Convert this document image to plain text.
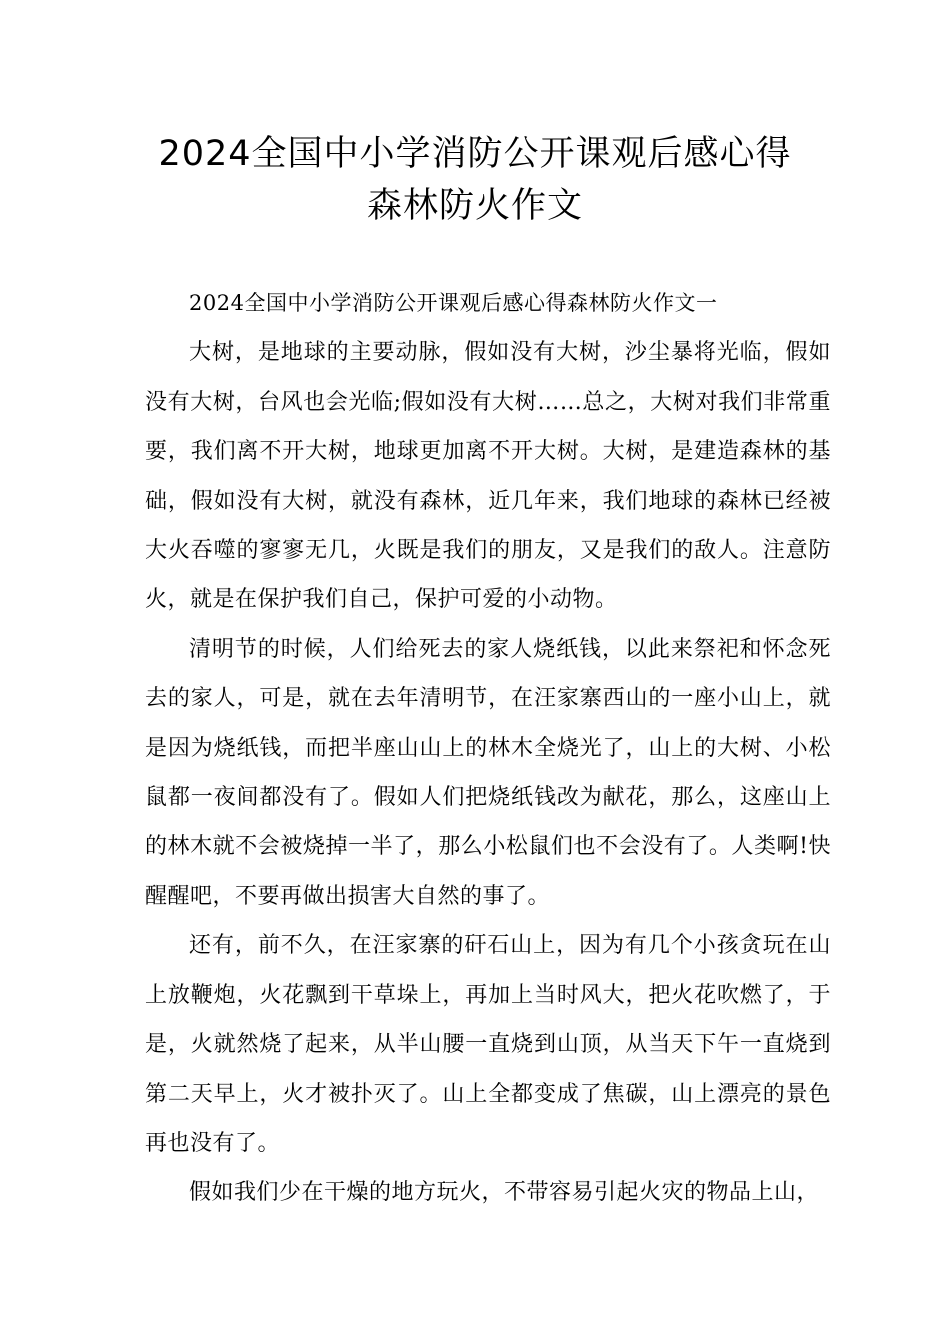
2024全国中小学消防公开课观后感心得
森林防火作文

2024全国中小学消防公开课观后感心得森林防火作文一

大树，是地球的主要动脉，假如没有大树，沙尘暴将光临，假如没有大树，台风也会光临;假如没有大树……总之，大树对我们非常重要，我们离不开大树，地球更加离不开大树。大树，是建造森林的基础，假如没有大树，就没有森林，近几年来，我们地球的森林已经被大火吞噬的寥寥无几，火既是我们的朋友，又是我们的敌人。注意防火，就是在保护我们自己，保护可爱的小动物。

清明节的时候，人们给死去的家人烧纸钱，以此来祭祀和怀念死去的家人，可是，就在去年清明节，在汪家寨西山的一座小山上，就是因为烧纸钱，而把半座山山上的林木全烧光了，山上的大树、小松鼠都一夜间都没有了。假如人们把烧纸钱改为献花，那么，这座山上的林木就不会被烧掉一半了，那么小松鼠们也不会没有了。人类啊!快醒醒吧，不要再做出损害大自然的事了。

还有，前不久，在汪家寨的矸石山上，因为有几个小孩贪玩在山上放鞭炮，火花飘到干草垛上，再加上当时风大，把火花吹燃了，于是，火就然烧了起来，从半山腰一直烧到山顶，从当天下午一直烧到第二天早上，火才被扑灭了。山上全都变成了焦碳，山上漂亮的景色再也没有了。

假如我们少在干燥的地方玩火，不带容易引起火灾的物品上山，
